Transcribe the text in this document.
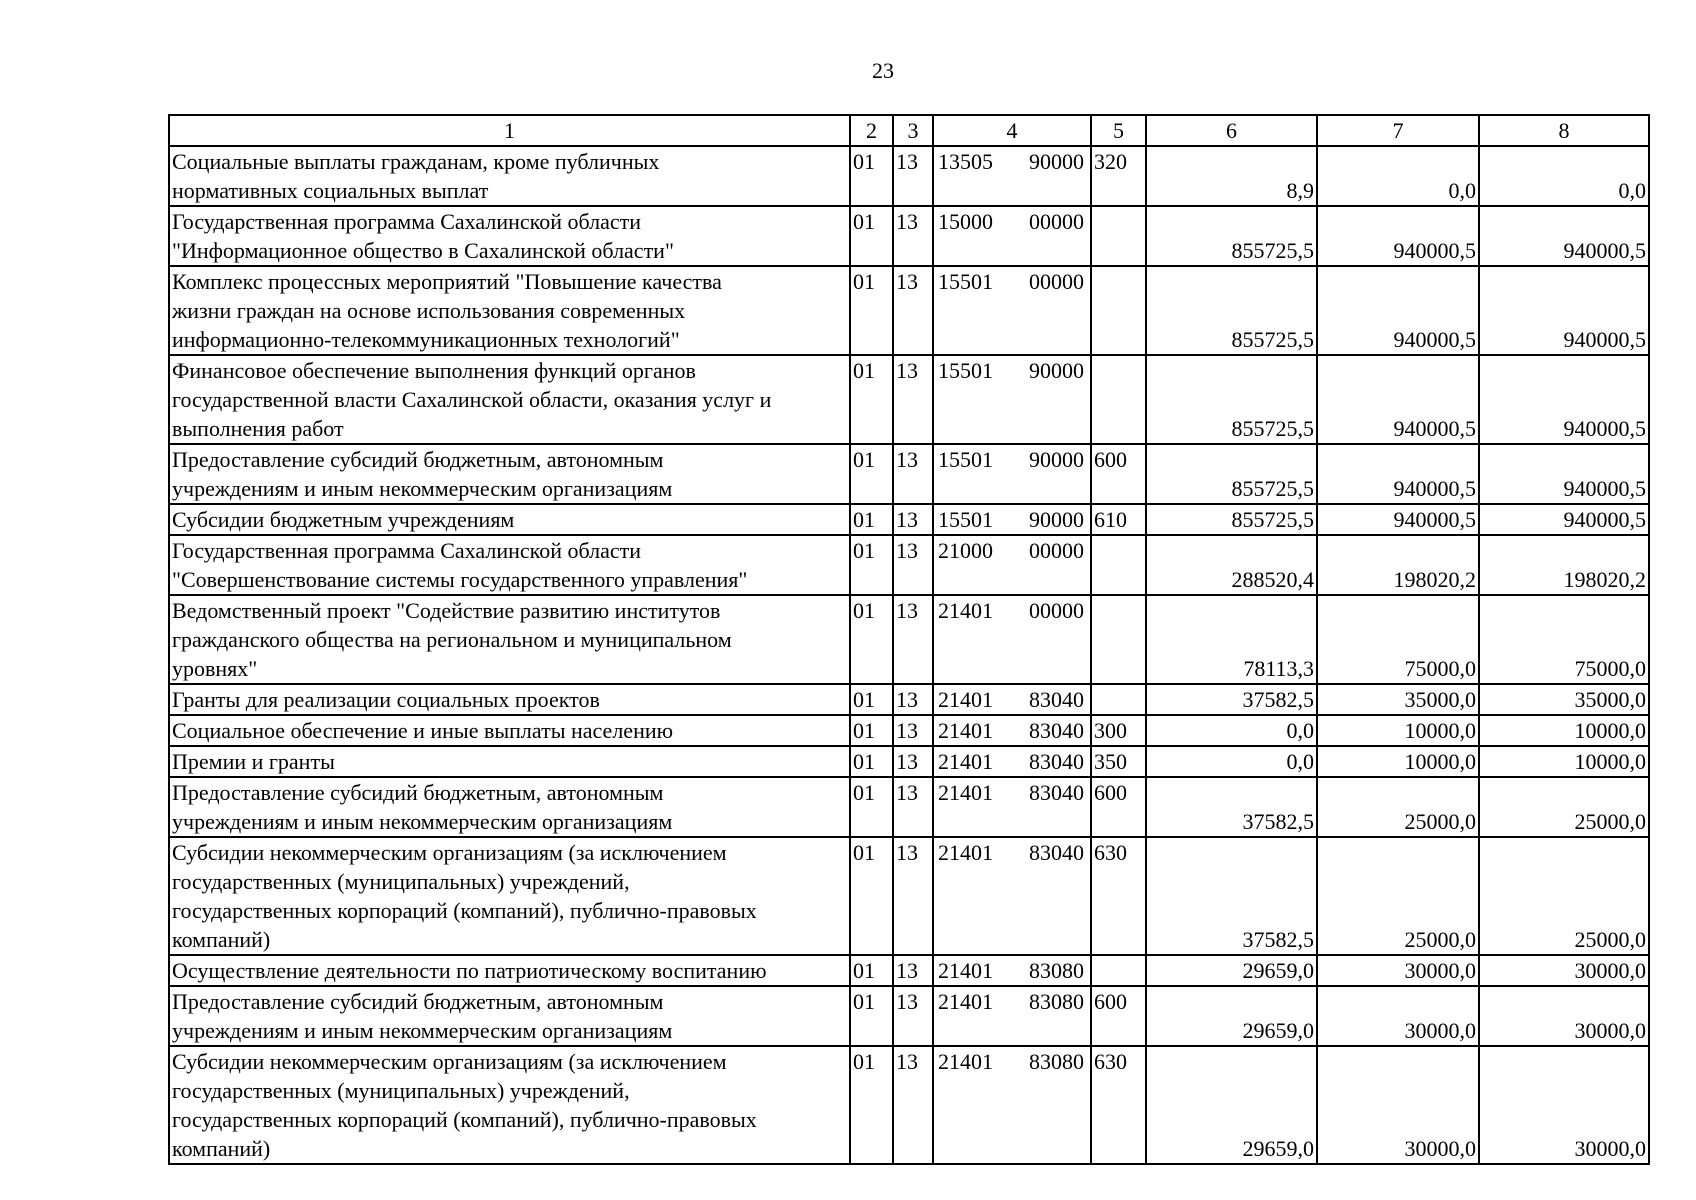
23
1	2	3	4	5	6	7	8
Социальные выплаты гражданам, кроме публичных
нормативных социальных выплат	01	13	13505 90000	320	8,9	0,0	0,0
Государственная программа Сахалинской области
"Информационное общество в Сахалинской области"	01	13	15000 00000		855725,5	940000,5	940000,5
Комплекс процессных мероприятий "Повышение качества
жизни граждан на основе использования современных
информационно-телекоммуникационных технологий"	01	13	15501 00000		855725,5	940000,5	940000,5
Финансовое обеспечение выполнения функций органов
государственной власти Сахалинской области, оказания услуг и
выполнения работ	01	13	15501 90000		855725,5	940000,5	940000,5
Предоставление субсидий бюджетным, автономным
учреждениям и иным некоммерческим организациям	01	13	15501 90000	600	855725,5	940000,5	940000,5
Субсидии бюджетным учреждениям	01	13	15501 90000	610	855725,5	940000,5	940000,5
Государственная программа Сахалинской области
"Совершенствование системы государственного управления"	01	13	21000 00000		288520,4	198020,2	198020,2
Ведомственный проект "Содействие развитию институтов
гражданского общества на региональном и муниципальном
уровнях"	01	13	21401 00000		78113,3	75000,0	75000,0
Гранты для реализации социальных проектов	01	13	21401 83040		37582,5	35000,0	35000,0
Социальное обеспечение и иные выплаты населению	01	13	21401 83040	300	0,0	10000,0	10000,0
Премии и гранты	01	13	21401 83040	350	0,0	10000,0	10000,0
Предоставление субсидий бюджетным, автономным
учреждениям и иным некоммерческим организациям	01	13	21401 83040	600	37582,5	25000,0	25000,0
Субсидии некоммерческим организациям (за исключением
государственных (муниципальных) учреждений,
государственных корпораций (компаний), публично-правовых
компаний)	01	13	21401 83040	630	37582,5	25000,0	25000,0
Осуществление деятельности по патриотическому воспитанию	01	13	21401 83080		29659,0	30000,0	30000,0
Предоставление субсидий бюджетным, автономным
учреждениям и иным некоммерческим организациям	01	13	21401 83080	600	29659,0	30000,0	30000,0
Субсидии некоммерческим организациям (за исключением
государственных (муниципальных) учреждений,
государственных корпораций (компаний), публично-правовых
компаний)	01	13	21401 83080	630	29659,0	30000,0	30000,0
